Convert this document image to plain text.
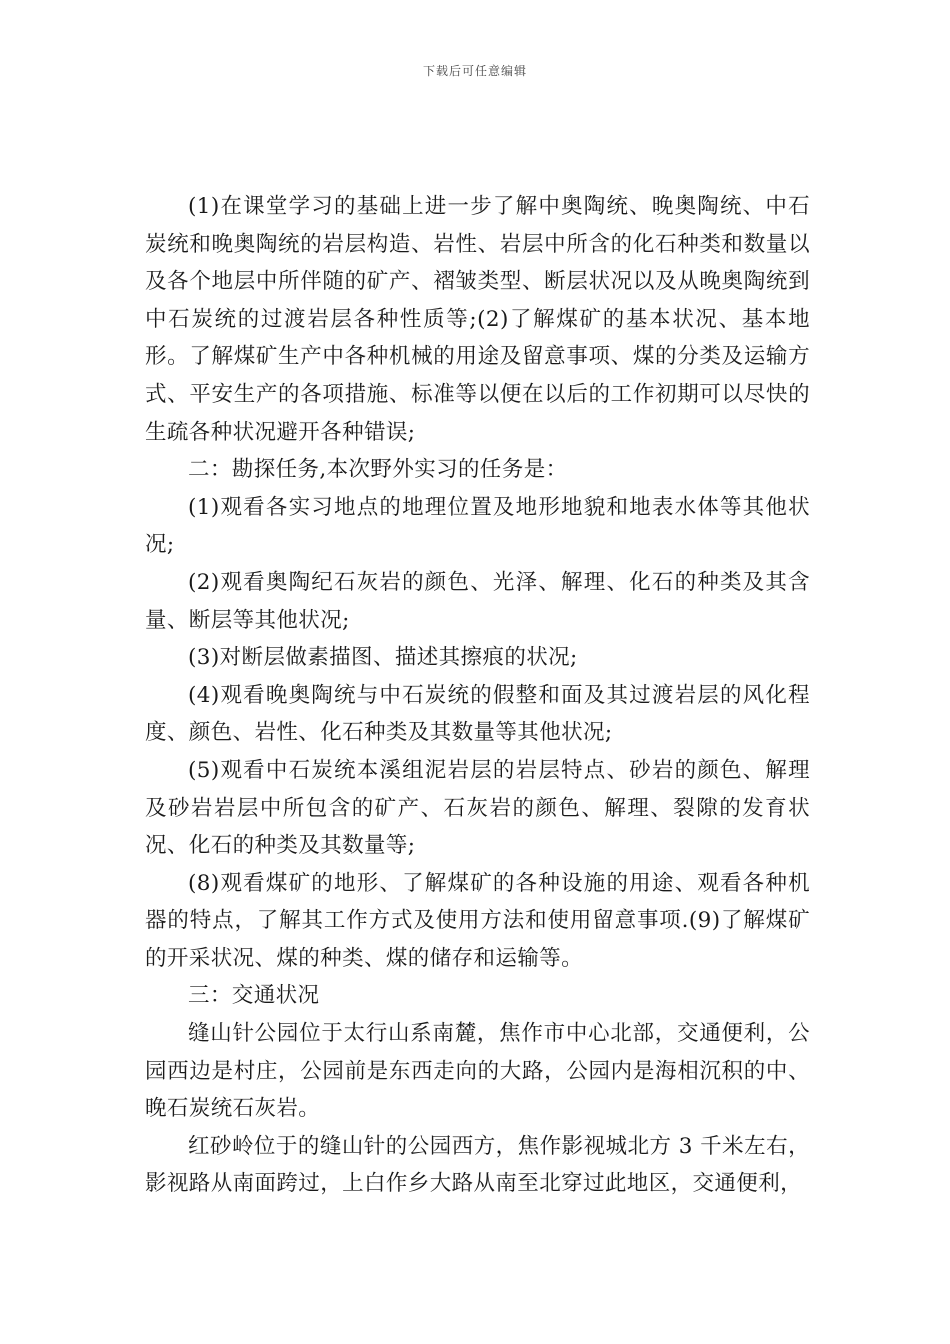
下载后可任意编辑

(1)在课堂学习的基础上进一步了解中奥陶统、晚奥陶统、中石炭统和晚奥陶统的岩层构造、岩性、岩层中所含的化石种类和数量以及各个地层中所伴随的矿产、褶皱类型、断层状况以及从晚奥陶统到中石炭统的过渡岩层各种性质等;(2)了解煤矿的基本状况、基本地形。了解煤矿生产中各种机械的用途及留意事项、煤的分类及运输方式、平安生产的各项措施、标准等以便在以后的工作初期可以尽快的生疏各种状况避开各种错误;

二：勘探任务,本次野外实习的任务是：

(1)观看各实习地点的地理位置及地形地貌和地表水体等其他状况;

(2)观看奥陶纪石灰岩的颜色、光泽、解理、化石的种类及其含量、断层等其他状况;

(3)对断层做素描图、描述其擦痕的状况;

(4)观看晚奥陶统与中石炭统的假整和面及其过渡岩层的风化程度、颜色、岩性、化石种类及其数量等其他状况;

(5)观看中石炭统本溪组泥岩层的岩层特点、砂岩的颜色、解理及砂岩岩层中所包含的矿产、石灰岩的颜色、解理、裂隙的发育状况、化石的种类及其数量等;

(8)观看煤矿的地形、了解煤矿的各种设施的用途、观看各种机器的特点，了解其工作方式及使用方法和使用留意事项.(9)了解煤矿的开采状况、煤的种类、煤的储存和运输等。

三：交通状况

缝山针公园位于太行山系南麓，焦作市中心北部，交通便利，公园西边是村庄，公园前是东西走向的大路，公园内是海相沉积的中、晚石炭统石灰岩。

红砂岭位于的缝山针的公园西方，焦作影视城北方 3 千米左右，影视路从南面跨过，上白作乡大路从南至北穿过此地区，交通便利，
